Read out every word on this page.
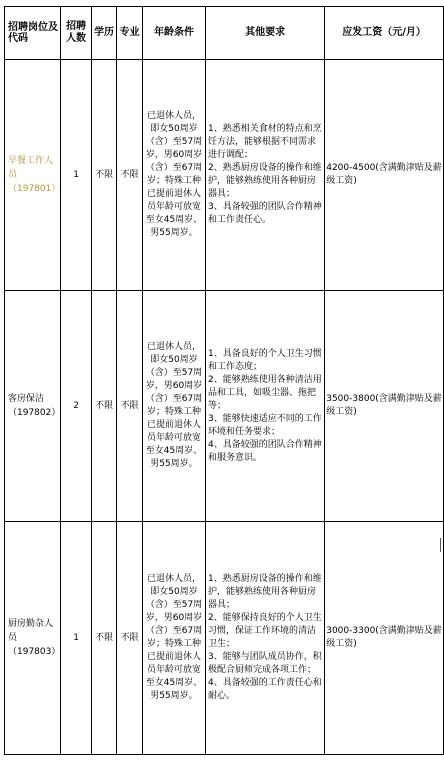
招聘岗位及代码	招聘人数	学历	专业	年龄条件	其他要求	应发工资（元/月）
早餐工作人员（197801）	1	不限	不限	已退休人员，即女50周岁（含）至57周岁，男60周岁（含）至67周岁；特殊工种已提前退休人员年龄可放宽至女45周岁、男55周岁。	1、熟悉相关食材的特点和烹饪方法，能够根据不同需求进行调配；
2、熟悉厨房设备的操作和维护，能够熟练使用各种厨房器具；
3、具备较强的团队合作精神和工作责任心。	4200-4500(含满勤津贴及薪级工资)
客房保洁（197802）	2	不限	不限	已退休人员，即女50周岁（含）至57周岁，男60周岁（含）至67周岁；特殊工种已提前退休人员年龄可放宽至女45周岁、男55周岁。	1、具备良好的个人卫生习惯和工作态度；
2、能够熟练使用各种清洁用品和工具，如吸尘器、拖把等；
3、能够快速适应不同的工作环境和任务要求；
4、具备较强的团队合作精神和服务意识。	3500-3800(含满勤津贴及薪级工资)
厨房勤杂人员（197803）	1	不限	不限	已退休人员，即女50周岁（含）至57周岁，男60周岁（含）至67周岁；特殊工种已提前退休人员年龄可放宽至女45周岁、男55周岁。	1、熟悉厨房设备的操作和维护，能够熟练使用各种厨房器具；
2、能够保持良好的个人卫生习惯，保证工作环境的清洁卫生；
3、能够与团队成员协作，积极配合厨师完成各项工作；
4、具备较强的工作责任心和耐心。	3000-3300(含满勤津贴及薪级工资)
